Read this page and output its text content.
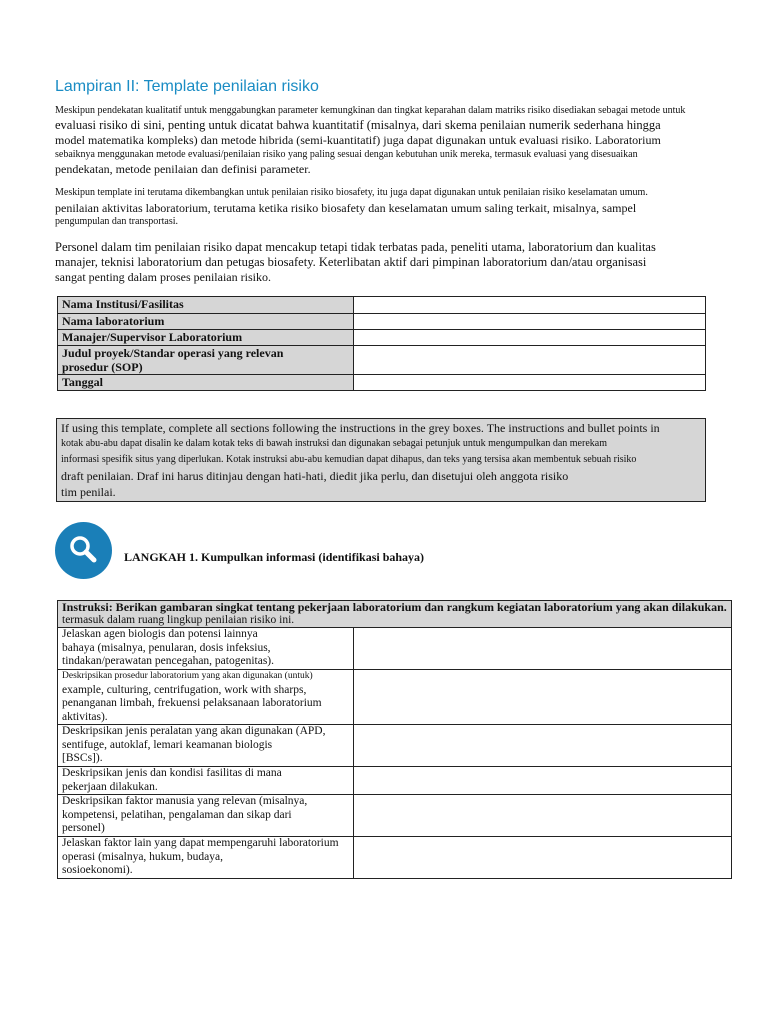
Lampiran II: Template penilaian risiko
Meskipun pendekatan kualitatif untuk menggabungkan parameter kemungkinan dan tingkat keparahan dalam matriks risiko disediakan sebagai metode untuk
evaluasi risiko di sini, penting untuk dicatat bahwa kuantitatif (misalnya, dari skema penilaian numerik sederhana hingga
model matematika kompleks) dan metode hibrida (semi-kuantitatif) juga dapat digunakan untuk evaluasi risiko. Laboratorium
sebaiknya menggunakan metode evaluasi/penilaian risiko yang paling sesuai dengan kebutuhan unik mereka, termasuk evaluasi yang disesuaikan
pendekatan, metode penilaian dan definisi parameter.
Meskipun template ini terutama dikembangkan untuk penilaian risiko biosafety, itu juga dapat digunakan untuk penilaian risiko keselamatan umum.
penilaian aktivitas laboratorium, terutama ketika risiko biosafety dan keselamatan umum saling terkait, misalnya, sampel
pengumpulan dan transportasi.
Personel dalam tim penilaian risiko dapat mencakup tetapi tidak terbatas pada, peneliti utama, laboratorium dan kualitas
manajer, teknisi laboratorium dan petugas biosafety. Keterlibatan aktif dari pimpinan laboratorium dan/atau organisasi
sangat penting dalam proses penilaian risiko.
Nama Institusi/Fasilitas	
Nama laboratorium	
Manajer/Supervisor Laboratorium	

Judul proyek/Standar operasi yang relevan
prosedur (SOP)	

Tanggal	
If using this template, complete all sections following the instructions in the grey boxes. The instructions and bullet points in
kotak abu-abu dapat disalin ke dalam kotak teks di bawah instruksi dan digunakan sebagai petunjuk untuk mengumpulkan dan merekam
informasi spesifik situs yang diperlukan. Kotak instruksi abu-abu kemudian dapat dihapus, dan teks yang tersisa akan membentuk sebuah risiko
draft penilaian. Draf ini harus ditinjau dengan hati-hati, diedit jika perlu, dan disetujui oleh anggota risiko
tim penilai.
LANGKAH 1. Kumpulkan informasi (identifikasi bahaya)
Instruksi: Berikan gambaran singkat tentang pekerjaan laboratorium dan rangkum kegiatan laboratorium yang akan dilakukan.
termasuk dalam ruang lingkup penilaian risiko ini.	

Jelaskan agen biologis dan potensi lainnya
bahaya (misalnya, penularan, dosis infeksius,
tindakan/perawatan pencegahan, patogenitas).	

Deskripsikan prosedur laboratorium yang akan digunakan (untuk)
example, culturing, centrifugation, work with sharps,
penanganan limbah, frekuensi pelaksanaan laboratorium
aktivitas).	

Deskripsikan jenis peralatan yang akan digunakan (APD,
sentifuge, autoklaf, lemari keamanan biologis
[BSCs]).	

Deskripsikan jenis dan kondisi fasilitas di mana
pekerjaan dilakukan.	

Deskripsikan faktor manusia yang relevan (misalnya,
kompetensi, pelatihan, pengalaman dan sikap dari
personel)	

Jelaskan faktor lain yang dapat mempengaruhi laboratorium
operasi (misalnya, hukum, budaya,
sosioekonomi).	
